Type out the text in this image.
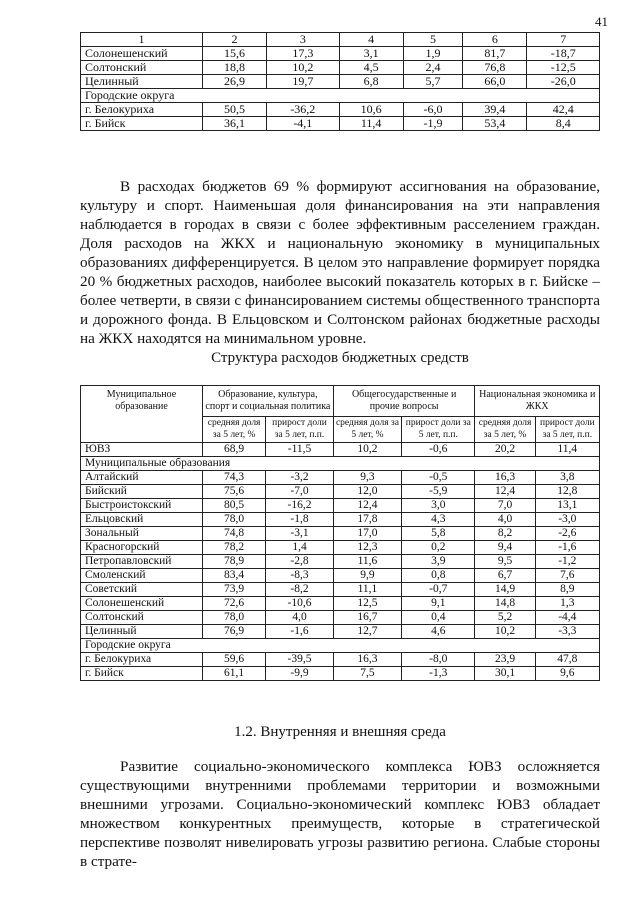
41
1	2	3	4	5	6	7
Солонешенский	15,6	17,3	3,1	1,9	81,7	-18,7
Солтонский	18,8	10,2	4,5	2,4	76,8	-12,5
Целинный	26,9	19,7	6,8	5,7	66,0	-26,0
Городские округа						
г. Белокуриха	50,5	-36,2	10,6	-6,0	39,4	42,4
г. Бийск	36,1	-4,1	11,4	-1,9	53,4	8,4

В расходах бюджетов 69 % формируют ассигнования на образование, культуру и спорт. Наименьшая доля финансирования на эти направления наблюдается в городах в связи с более эффективным расселением граждан. Доля расходов на ЖКХ и национальную экономику в муниципальных образованиях дифференцируется. В целом это направление формирует порядка 20 % бюджетных расходов, наиболее высокий показатель которых в г. Бийске – более четверти, в связи с финансированием системы общественного транспорта и дорожного фонда. В Ельцовском и Солтонском районах бюджетные расходы на ЖКХ находятся на минимальном уровне.

Структура расходов бюджетных средств
Муниципальное образование	Образование, культура, спорт и социальная политика		Общегосударственные и прочие вопросы		Национальная экономика и ЖКХ	
	средняя доля за 5 лет, %	прирост доли за 5 лет, п.п.	средняя доля за 5 лет, %	прирост доли за 5 лет, п.п.	средняя доля за 5 лет, %	прирост доли за 5 лет, п.п.
ЮВЗ	68,9	-11,5	10,2	-0,6	20,2	11,4
Муниципальные образования						
Алтайский	74,3	-3,2	9,3	-0,5	16,3	3,8
Бийский	75,6	-7,0	12,0	-5,9	12,4	12,8
Быстроистокский	80,5	-16,2	12,4	3,0	7,0	13,1
Ельцовский	78,0	-1,8	17,8	4,3	4,0	-3,0
Зональный	74,8	-3,1	17,0	5,8	8,2	-2,6
Красногорский	78,2	1,4	12,3	0,2	9,4	-1,6
Петропавловский	78,9	-2,8	11,6	3,9	9,5	-1,2
Смоленский	83,4	-8,3	9,9	0,8	6,7	7,6
Советский	73,9	-8,2	11,1	-0,7	14,9	8,9
Солонешенский	72,6	-10,6	12,5	9,1	14,8	1,3
Солтонский	78,0	4,0	16,7	0,4	5,2	-4,4
Целинный	76,9	-1,6	12,7	4,6	10,2	-3,3
Городские округа						
г. Белокуриха	59,6	-39,5	16,3	-8,0	23,9	47,8
г. Бийск	61,1	-9,9	7,5	-1,3	30,1	9,6
1.2. Внутренняя и внешняя среда

Развитие социально-экономического комплекса ЮВЗ осложняется существующими внутренними проблемами территории и возможными внешними угрозами. Социально-экономический комплекс ЮВЗ обладает множеством конкурентных преимуществ, которые в стратегической перспективе позволят нивелировать угрозы развитию региона. Слабые стороны в страте-
